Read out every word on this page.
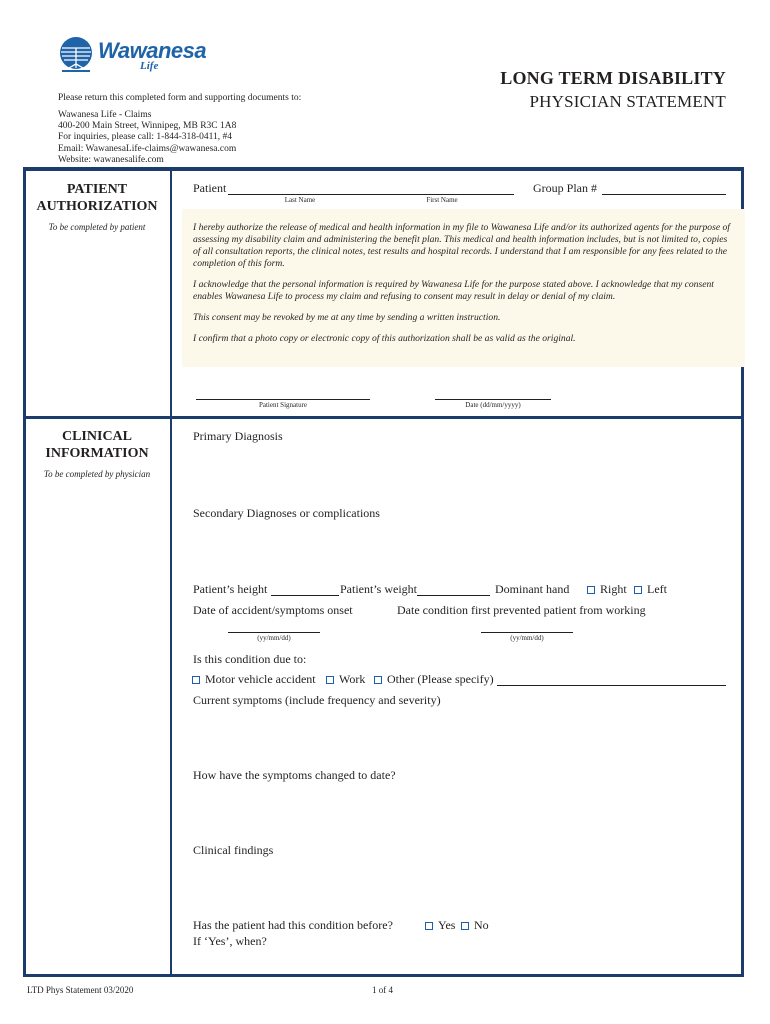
Wawanesa
Life
LONG TERM DISABILITY
PHYSICIAN STATEMENT
Please return this completed form and supporting documents to:
Wawanesa Life - Claims
400-200 Main Street, Winnipeg, MB R3C 1A8
For inquiries, please call: 1-844-318-0411, #4
Email: WawanesaLife-claims@wawanesa.com
Website: wawanesalife.com
PATIENT
AUTHORIZATION
To be completed by patient
Patient
Last Name	First Name
Group Plan #

I hereby authorize the release of medical and health information in my file to Wawanesa Life and/or its authorized agents for the purpose of assessing my disability claim and administering the benefit plan. This medical and health information includes, but is not limited to, copies of all consultation reports, the clinical notes, test results and hospital records. I understand that I am responsible for any fees related to the completion of this form.

I acknowledge that the personal information is required by Wawanesa Life for the purpose stated above. I acknowledge that my consent enables Wawanesa Life to process my claim and refusing to consent may result in delay or denial of my claim.

This consent may be revoked by me at any time by sending a written instruction.

I confirm that a photo copy or electronic copy of this authorization shall be as valid as the original.

Patient Signature	Date (dd/mm/yyyy)
CLINICAL
INFORMATION
To be completed by physician
Primary Diagnosis
Secondary Diagnoses or complications
Patient’s height	Patient’s weight	Dominant hand	Right	Left
Date of accident/symptoms onset	Date condition first prevented patient from working
(yy/mm/dd)	(yy/mm/dd)
Is this condition due to:
Motor vehicle accident	Work	Other (Please specify)
Current symptoms (include frequency and severity)
How have the symptoms changed to date?
Clinical findings
Has the patient had this condition before?	Yes	No
If ‘Yes’, when?
LTD Phys Statement 03/2020	1 of 4
